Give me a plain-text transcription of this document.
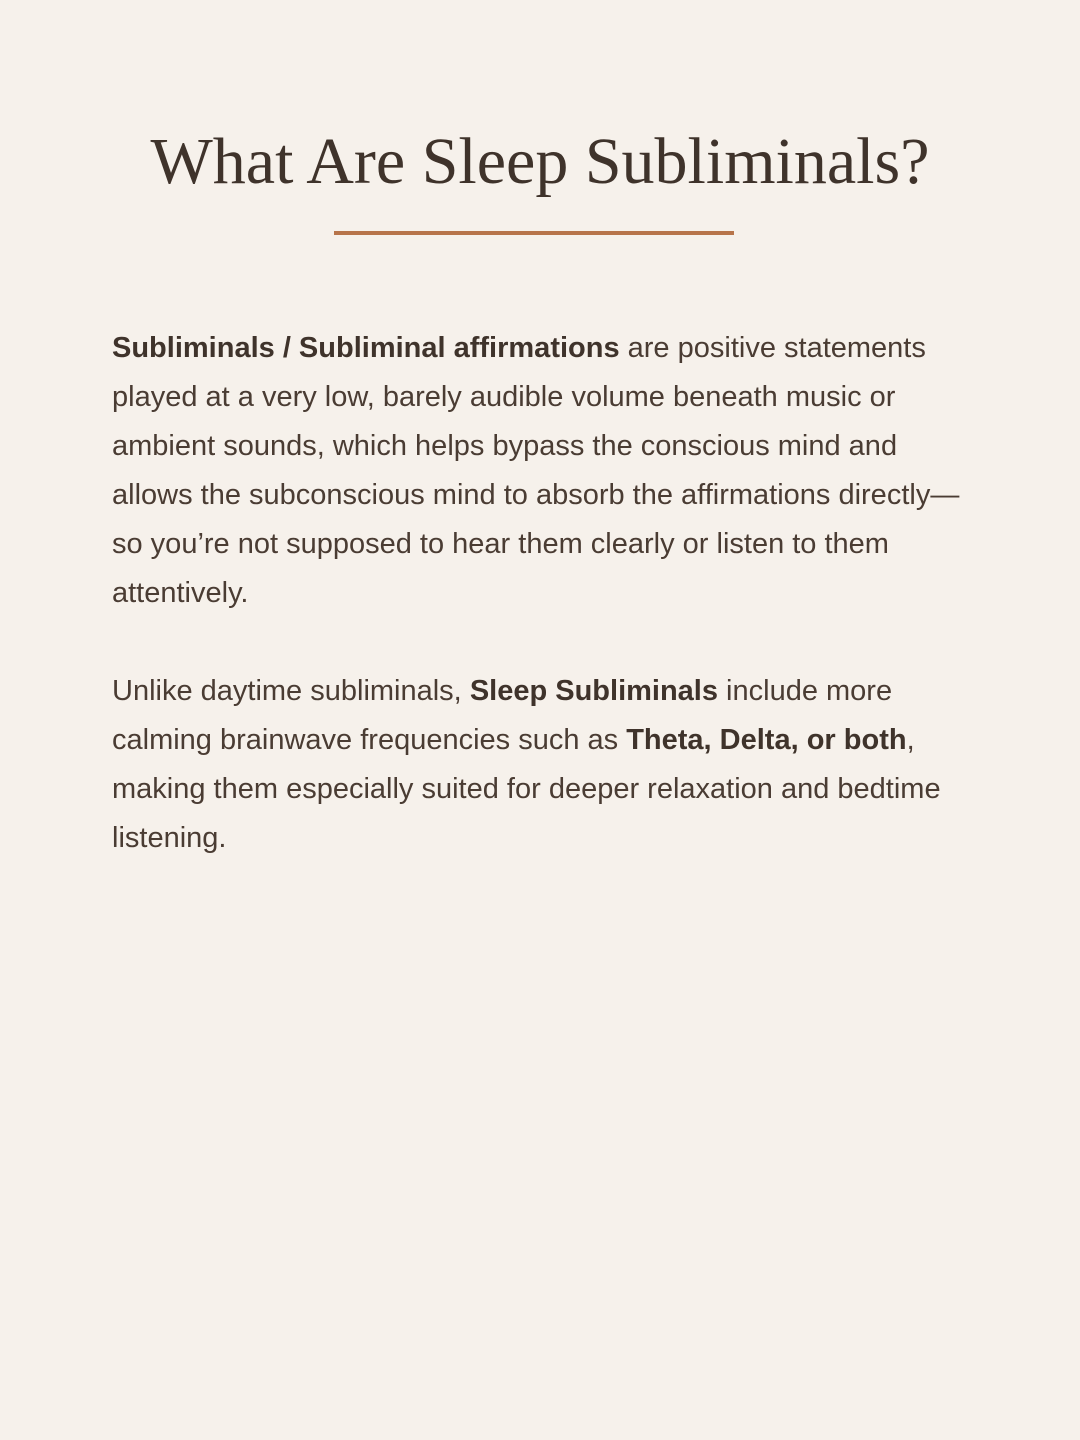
What Are Sleep Subliminals?

Subliminals / Subliminal affirmations are positive statements played at a very low, barely audible volume beneath music or ambient sounds, which helps bypass the conscious mind and allows the subconscious mind to absorb the affirmations directly—so you’re not supposed to hear them clearly or listen to them attentively.

Unlike daytime subliminals, Sleep Subliminals include more calming brainwave frequencies such as Theta, Delta, or both, making them especially suited for deeper relaxation and bedtime listening.
